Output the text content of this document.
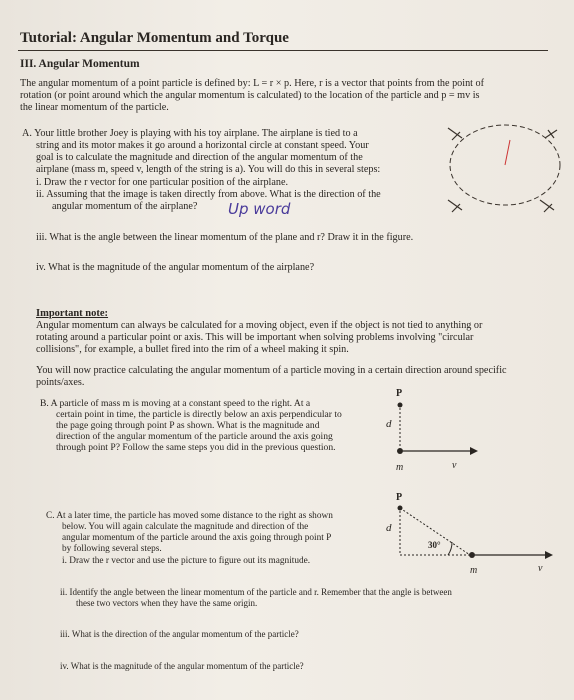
Tutorial: Angular Momentum and Torque
III. Angular Momentum
The angular momentum of a point particle is defined by: L = r × p. Here, r is a vector that points from the point of
rotation (or point around which the angular momentum is calculated) to the location of the particle and p = mv is
the linear momentum of the particle.
A. Your little brother Joey is playing with his toy airplane. The airplane is tied to a
string and its motor makes it go around a horizontal circle at constant speed. Your
goal is to calculate the magnitude and direction of the angular momentum of the
airplane (mass m, speed v, length of the string is a). You will do this in several steps:
i. Draw the r vector for one particular position of the airplane.
ii. Assuming that the image is taken directly from above. What is the direction of the
angular momentum of the airplane? Up word
iii. What is the angle between the linear momentum of the plane and r? Draw it in the figure.
iv. What is the magnitude of the angular momentum of the airplane?
Important note:
Angular momentum can always be calculated for a moving object, even if the object is not tied to anything or
rotating around a particular point or axis. This will be important when solving problems involving "circular
collisions", for example, a bullet fired into the rim of a wheel making it spin.
You will now practice calculating the angular momentum of a particle moving in a certain direction around specific
points/axes.
B. A particle of mass m is moving at a constant speed to the right. At a
certain point in time, the particle is directly below an axis perpendicular to
the page going through point P as shown. What is the magnitude and
direction of the angular momentum of the particle around the axis going
through point P? Follow the same steps you did in the previous question.
C. At a later time, the particle has moved some distance to the right as shown
below. You will again calculate the magnitude and direction of the
angular momentum of the particle around the axis going through point P
by following several steps.
i. Draw the r vector and use the picture to figure out its magnitude.
ii. Identify the angle between the linear momentum of the particle and r. Remember that the angle is between
these two vectors when they have the same origin.
iii. What is the direction of the angular momentum of the particle?
iv. What is the magnitude of the angular momentum of the particle?
P
d
m	v
P
d
30°
m	v
